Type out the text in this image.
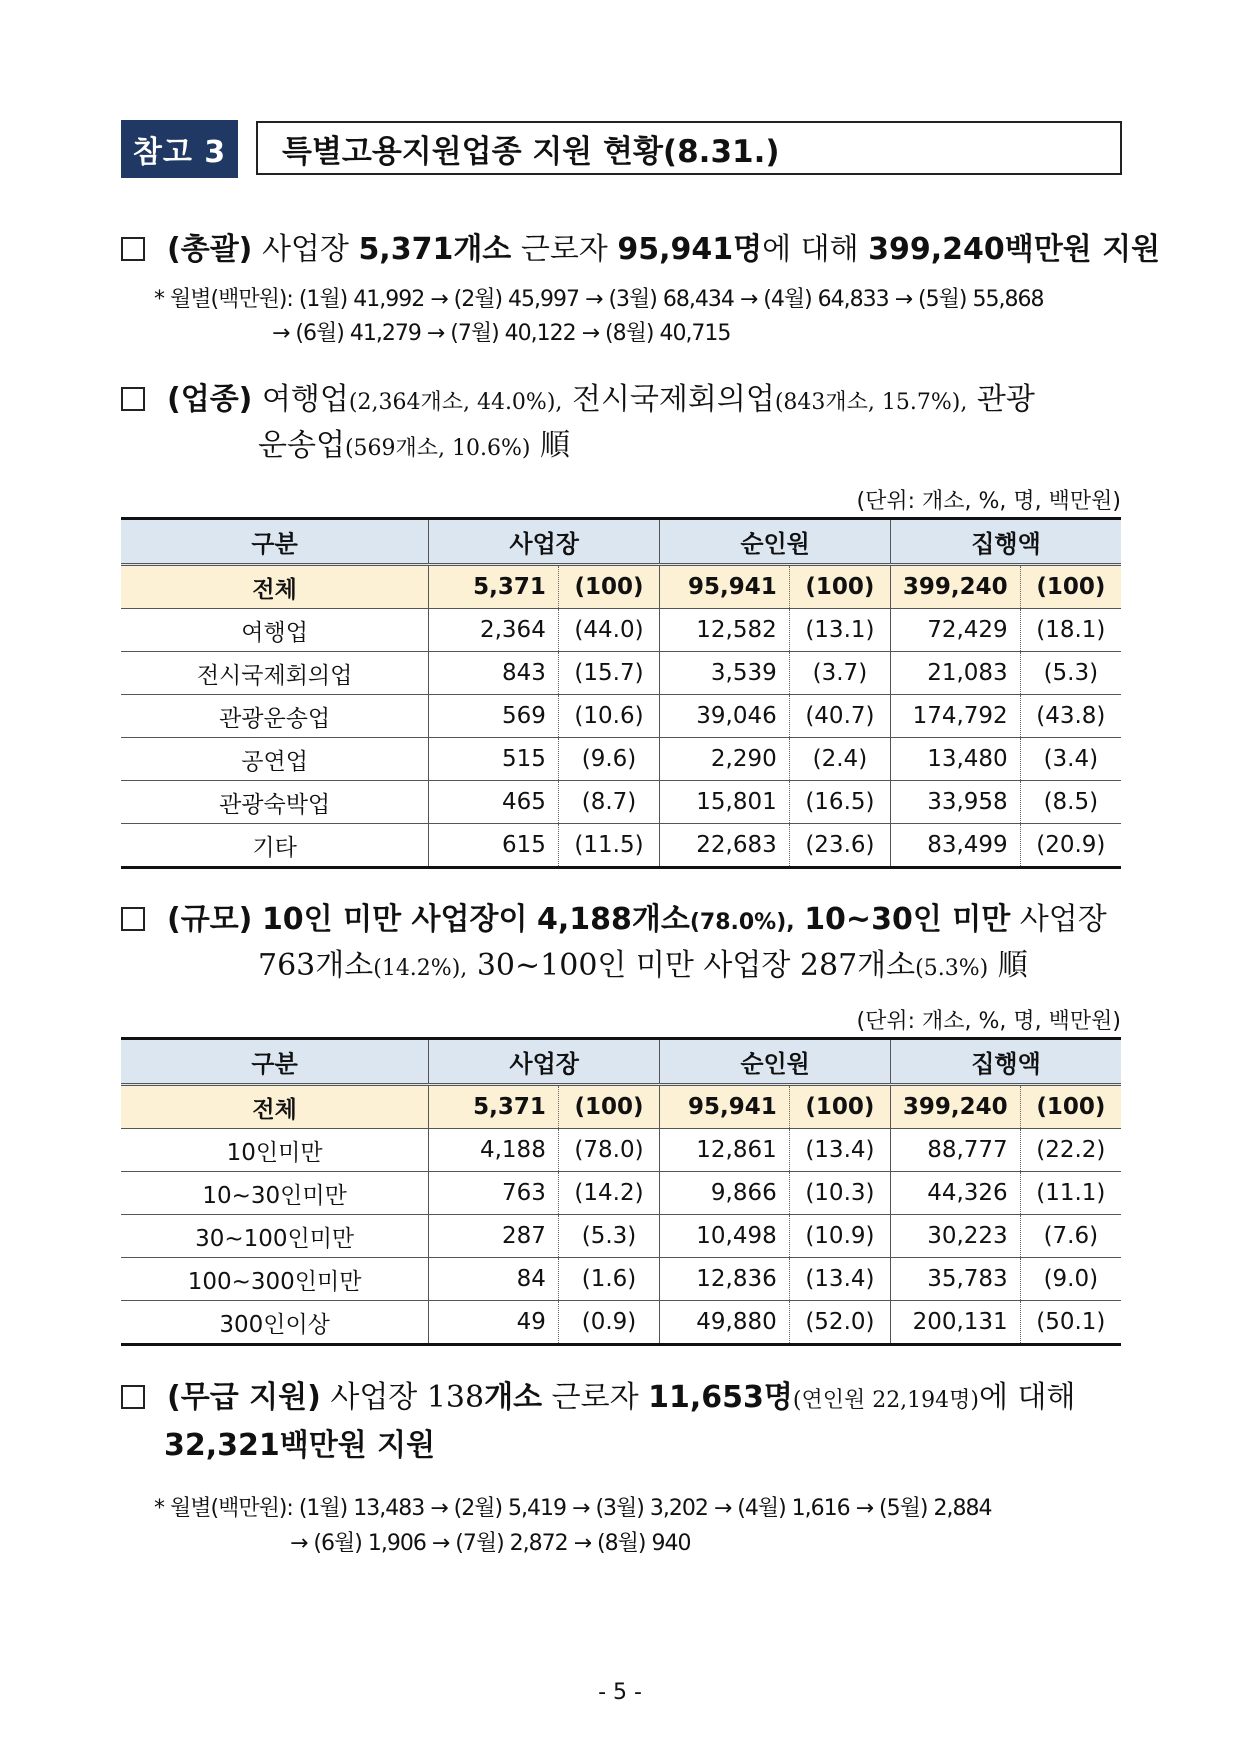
참고 3	특별고용지원업종 지원 현황(8.31.)
(총괄) 사업장 5,371개소 근로자 95,941명에 대해 399,240백만원 지원
* 월별(백만원): (1월) 41,992 → (2월) 45,997 → (3월) 68,434 → (4월) 64,833 → (5월) 55,868
→ (6월) 41,279 → (7월) 40,122 → (8월) 40,715
(업종) 여행업(2,364개소, 44.0%), 전시국제회의업(843개소, 15.7%), 관광
운송업(569개소, 10.6%) 順
(단위: 개소, %, 명, 백만원)
구분	사업장		순인원		집행액	
전체	5,371	(100)	95,941	(100)	399,240	(100)
여행업	2,364	(44.0)	12,582	(13.1)	72,429	(18.1)
전시국제회의업	843	(15.7)	3,539	(3.7)	21,083	(5.3)
관광운송업	569	(10.6)	39,046	(40.7)	174,792	(43.8)
공연업	515	(9.6)	2,290	(2.4)	13,480	(3.4)
관광숙박업	465	(8.7)	15,801	(16.5)	33,958	(8.5)
기타	615	(11.5)	22,683	(23.6)	83,499	(20.9)
(규모) 10인 미만 사업장이 4,188개소(78.0%), 10~30인 미만 사업장
763개소(14.2%), 30~100인 미만 사업장 287개소(5.3%) 順
(단위: 개소, %, 명, 백만원)
구분	사업장		순인원		집행액	
전체	5,371	(100)	95,941	(100)	399,240	(100)
10인미만	4,188	(78.0)	12,861	(13.4)	88,777	(22.2)
10~30인미만	763	(14.2)	9,866	(10.3)	44,326	(11.1)
30~100인미만	287	(5.3)	10,498	(10.9)	30,223	(7.6)
100~300인미만	84	(1.6)	12,836	(13.4)	35,783	(9.0)
300인이상	49	(0.9)	49,880	(52.0)	200,131	(50.1)
(무급 지원) 사업장 138개소 근로자 11,653명(연인원 22,194명)에 대해
32,321백만원 지원
* 월별(백만원): (1월) 13,483 → (2월) 5,419 → (3월) 3,202 → (4월) 1,616 → (5월) 2,884
→ (6월) 1,906 → (7월) 2,872 → (8월) 940
- 5 -
